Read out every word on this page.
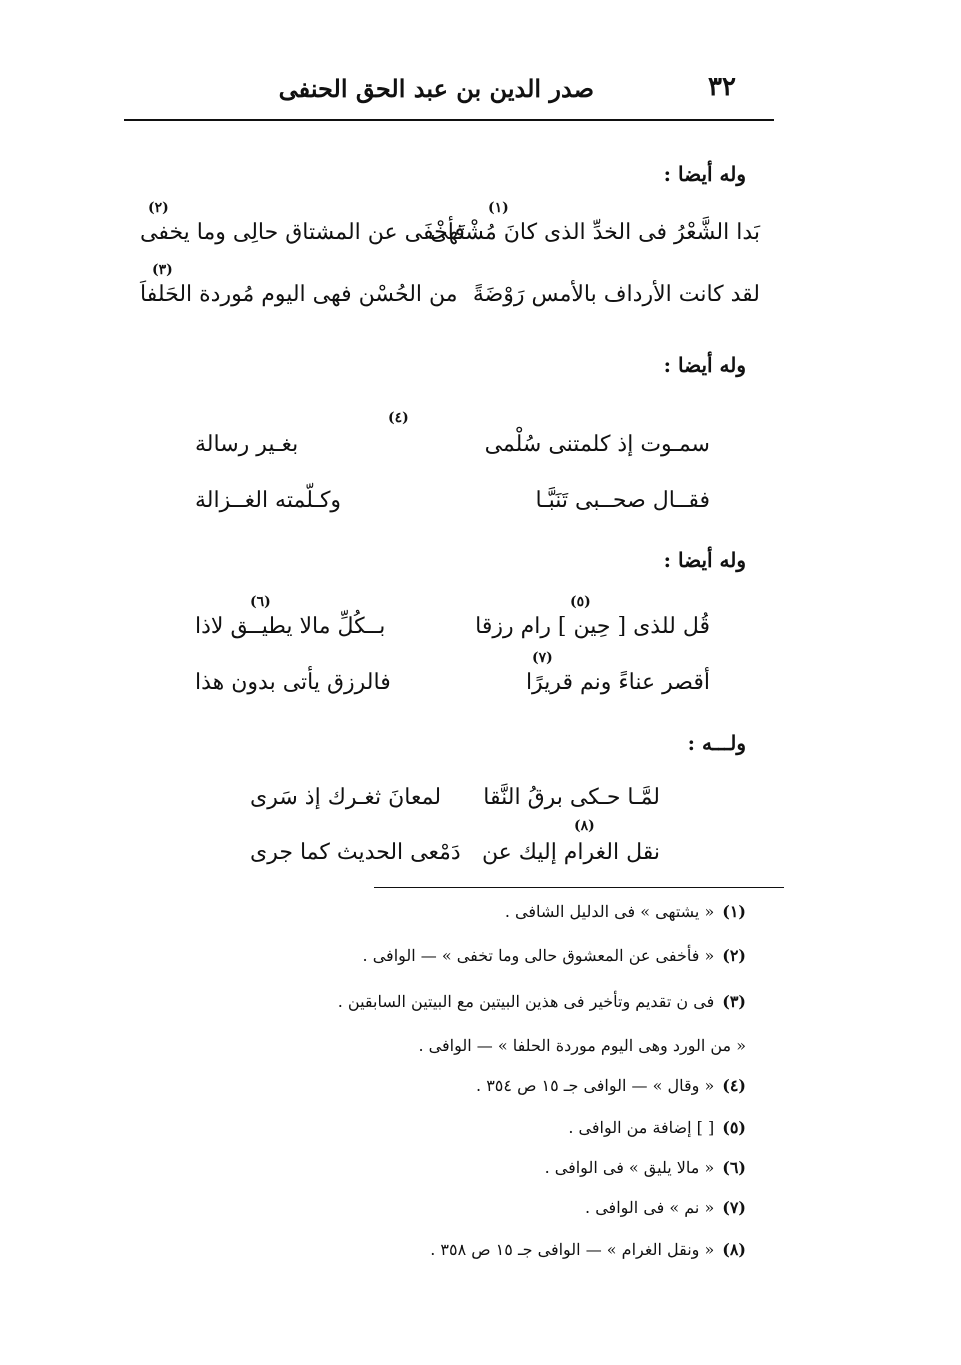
٣٢
صدر الدين بن عبد الحق الحنفى
وله أيضا :
بَدا الشَّعْرُ فى الخدِّ الذى كانَ مُشْتَهى
فأخْفَى عن المشتاق حالِى وما يخفى
لقد كانت الأرداف بالأمس رَوْضَةً
من الحُسْن فهى اليوم مُوردة الحَلفاَ
وله أيضا :
سمـوت إذ كلمتنى سُلْمى
بغـير رسالة
فقــال صحــبى تَنَبَّـا
وكـلّمته الغــزالة
وله أيضا :
قُل للذى [ حِين ] رام رزقا
بــكُلِّ مالا يطيــق لاذا
أقصر عناءً ونم قريرًا
فالرزق يأتى بدون هذا
ولـــه :
لمَّـا حـكى برقُ النَّقا
لمعانَ ثغـرك إذ سَرى
نقل الغرام إليك عن
دَمْعى الحديث كما جرى
(١)
(٢)
(٣)
(٤)
(٥)
(٦)
(٧)
(٨)
(١)« يشتهى » فى الدليل الشافى .
(٢)« فأخفى عن المعشوق حالى وما تخفى » — الوافى .
(٣)فى ن تقديم وتأخير فى هذين البيتين مع البيتين السابقين .
« من الورد وهى اليوم موردة الحلفا » — الوافى .
(٤)« وقال » — الوافى جـ ١٥ ص ٣٥٤ .
(٥)[ ] إضافة من الوافى .
(٦)« مالا يليق » فى الوافى .
(٧)« نم » فى الوافى .
(٨)« ونقل الغرام » — الوافى جـ ١٥ ص ٣٥٨ .
